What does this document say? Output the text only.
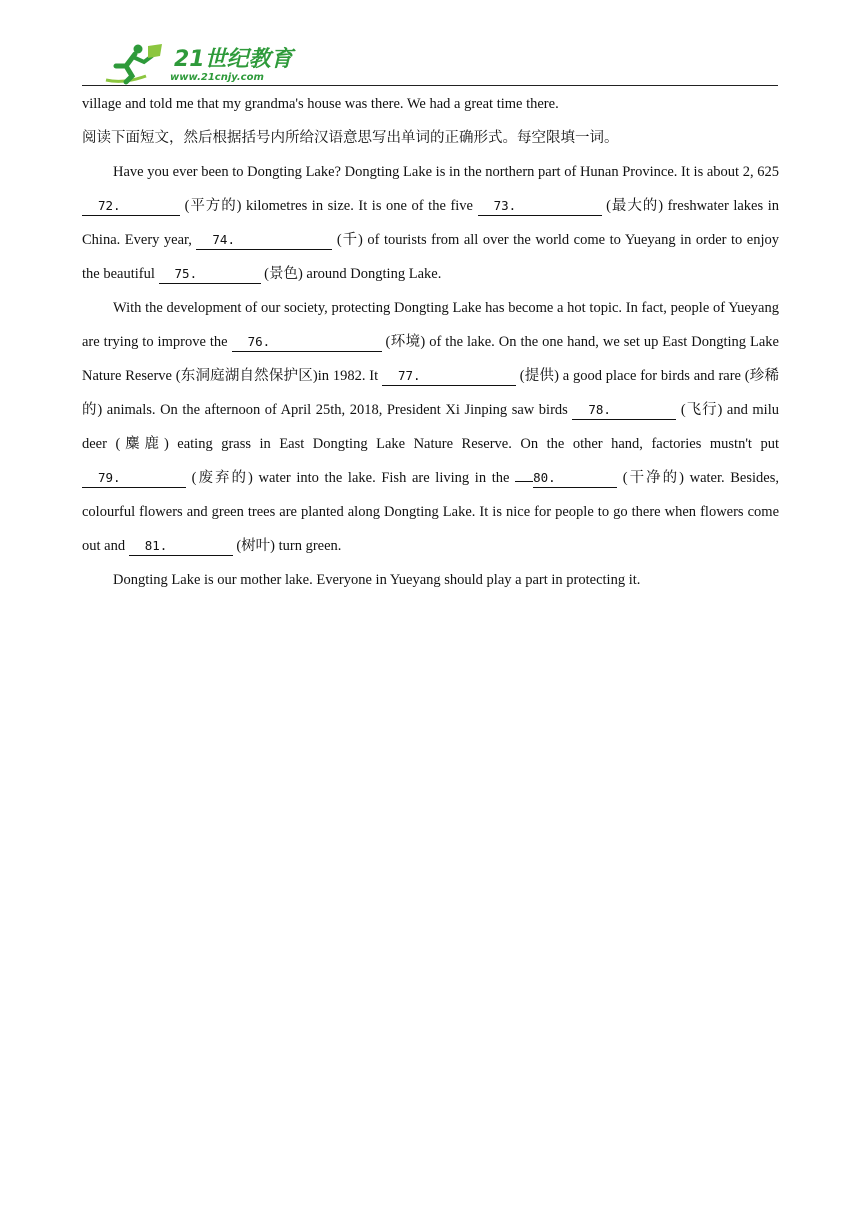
21世纪教育
www.21cnjy.com

village and told me that my grandma's house was there. We had a great time there.

阅读下面短文，然后根据括号内所给汉语意思写出单词的正确形式。每空限填一词。

Have you ever been to Dongting Lake? Dongting Lake is in the northern part of Hunan Province. It is about 2, 625 72.	(平方的) kilometres in size. It is one of the five 73.	(最大的) freshwater lakes in China. Every year, 74.	(千) of tourists from all over the world come to Yueyang in order to enjoy the beautiful 75.	(景色) around Dongting Lake.

With the development of our society, protecting Dongting Lake has become a hot topic. In fact, people of Yueyang are trying to improve the 76.	(环境) of the lake. On the one hand, we set up East Dongting Lake Nature Reserve (东洞庭湖自然保护区)in 1982. It 77.	(提供) a good place for birds and rare (珍稀的) animals. On the afternoon of April 25th, 2018, President Xi Jinping saw birds 78.	(飞行) and milu deer (麋鹿) eating grass in East Dongting Lake Nature Reserve. On the other hand, factories mustn't put 79.	(废弃的) water into the lake. Fish are living in the 80.	(干净的) water. Besides, colourful flowers and green trees are planted along Dongting Lake. It is nice for people to go there when flowers come out and 81.	(树叶) turn green.

Dongting Lake is our mother lake. Everyone in Yueyang should play a part in protecting it.
